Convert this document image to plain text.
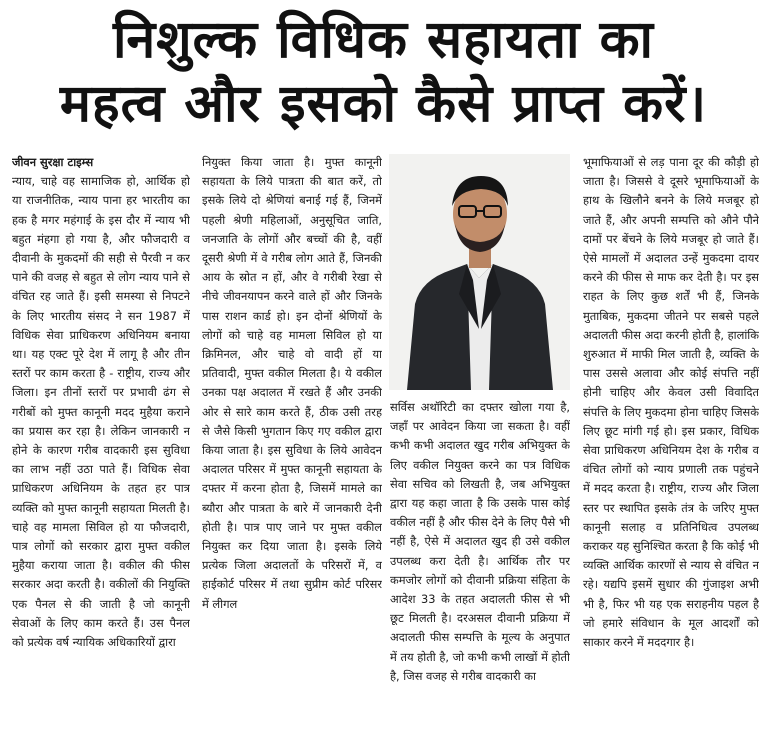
निशुल्क विधिक सहायता का
महत्व और इसको कैसे प्राप्त करें।

जीवन सुरक्षा टाइम्स

न्याय, चाहे वह सामाजिक हो, आर्थिक हो या राजनीतिक, न्याय पाना हर भारतीय का हक है मगर महंगाई के इस दौर में न्याय भी बहुत मंहगा हो गया है, और फौजदारी व दीवानी के मुकदमों की सही से पैरवी न कर पाने की वजह से बहुत से लोग न्याय पाने से वंचित रह जाते हैं। इसी समस्या से निपटने के लिए भारतीय संसद ने सन 1987 में विधिक सेवा प्राधिकरण अधिनियम बनाया था। यह एक्ट पूरे देश में लागू है और तीन स्तरों पर काम करता है - राष्ट्रीय, राज्य और जिला। इन तीनों स्तरों पर प्रभावी ढंग से गरीबों को मुफ्त कानूनी मदद मुहैया कराने का प्रयास कर रहा है। लेकिन जानकारी न होने के कारण गरीब वादकारी इस सुविधा का लाभ नहीं उठा पाते हैं। विधिक सेवा प्राधिकरण अधिनियम के तहत हर पात्र व्यक्ति को मुफ्त कानूनी सहायता मिलती है। चाहे वह मामला सिविल हो या फौजदारी, पात्र लोगों को सरकार द्वारा मुफ्त वकील मुहैया कराया जाता है। वकील की फीस सरकार अदा करती है। वकीलों की नियुक्ति एक पैनल से की जाती है जो कानूनी सेवाओं के लिए काम करते हैं। उस पैनल को प्रत्येक वर्ष न्यायिक अधिकारियों द्वारा

नियुक्त किया जाता है। मुफ्त कानूनी सहायता के लिये पात्रता की बात करें, तो इसके लिये दो श्रेणियां बनाई गई हैं, जिनमें पहली श्रेणी महिलाओं, अनुसूचित जाति, जनजाति के लोगों और बच्चों की है, वहीं दूसरी श्रेणी में वे गरीब लोग आते हैं, जिनकी आय के स्रोत न हों, और वे गरीबी रेखा से नीचे जीवनयापन करने वाले हों और जिनके पास राशन कार्ड हो। इन दोनों श्रेणियों के लोगों को चाहे वह मामला सिविल हो या क्रिमिनल, और चाहे वो वादी हों या प्रतिवादी, मुफ्त वकील मिलता है। ये वकील उनका पक्ष अदालत में रखते हैं और उनकी ओर से सारे काम करते हैं, ठीक उसी तरह से जैसे किसी भुगतान किए गए वकील द्वारा किया जाता है। इस सुविधा के लिये आवेदन अदालत परिसर में मुफ्त कानूनी सहायता के दफ्तर में करना होता है, जिसमें मामले का ब्यौरा और पात्रता के बारे में जानकारी देनी होती है। पात्र पाए जाने पर मुफ्त वकील नियुक्त कर दिया जाता है। इसके लिये प्रत्येक जिला अदालतों के परिसरों में, व हाईकोर्ट परिसर में तथा सुप्रीम कोर्ट परिसर में लीगल

सर्विस अथॉरिटी का दफ्तर खोला गया है, जहाँ पर आवेदन किया जा सकता है। वहीं कभी कभी अदालत खुद गरीब अभियुक्त के लिए वकील नियुक्त करने का पत्र विधिक सेवा सचिव को लिखती है, जब अभियुक्त द्वारा यह कहा जाता है कि उसके पास कोई वकील नहीं है और फीस देने के लिए पैसे भी नहीं है, ऐसे में अदालत खुद ही उसे वकील उपलब्ध करा देती है। आर्थिक तौर पर कमजोर लोगों को दीवानी प्रक्रिया संहिता के आदेश 33 के तहत अदालती फीस से भी छूट मिलती है। दरअसल दीवानी प्रक्रिया में अदालती फीस सम्पत्ति के मूल्य के अनुपात में तय होती है, जो कभी कभी लाखों में होती है, जिस वजह से गरीब वादकारी का

भूमाफियाओं से लड़ पाना दूर की कौड़ी हो जाता है। जिससे वे दूसरे भूमाफियाओं के हाथ के खिलौने बनने के लिये मजबूर हो जाते हैं, और अपनी सम्पत्ति को औने पौने दामों पर बेंचने के लिये मजबूर हो जाते हैं। ऐसे मामलों में अदालत उन्हें मुकदमा दायर करने की फीस से माफ कर देती है। पर इस राहत के लिए कुछ शर्तें भी हैं, जिनके मुताबिक, मुकदमा जीतने पर सबसे पहले अदालती फीस अदा करनी होती है, हालांकि शुरुआत में माफी मिल जाती है, व्यक्ति के पास उससे अलावा और कोई संपत्ति नहीं होनी चाहिए और केवल उसी विवादित संपत्ति के लिए मुकदमा होना चाहिए जिसके लिए छूट मांगी गई हो। इस प्रकार, विधिक सेवा प्राधिकरण अधिनियम देश के गरीब व वंचित लोगों को न्याय प्रणाली तक पहुंचने में मदद करता है। राष्ट्रीय, राज्य और जिला स्तर पर स्थापित इसके तंत्र के जरिए मुफ्त कानूनी सलाह व प्रतिनिधित्व उपलब्ध कराकर यह सुनिश्चित करता है कि कोई भी व्यक्ति आर्थिक कारणों से न्याय से वंचित न रहे। यद्यपि इसमें सुधार की गुंजाइश अभी भी है, फिर भी यह एक सराहनीय पहल है जो हमारे संविधान के मूल आदर्शों को साकार करने में मददगार है।
